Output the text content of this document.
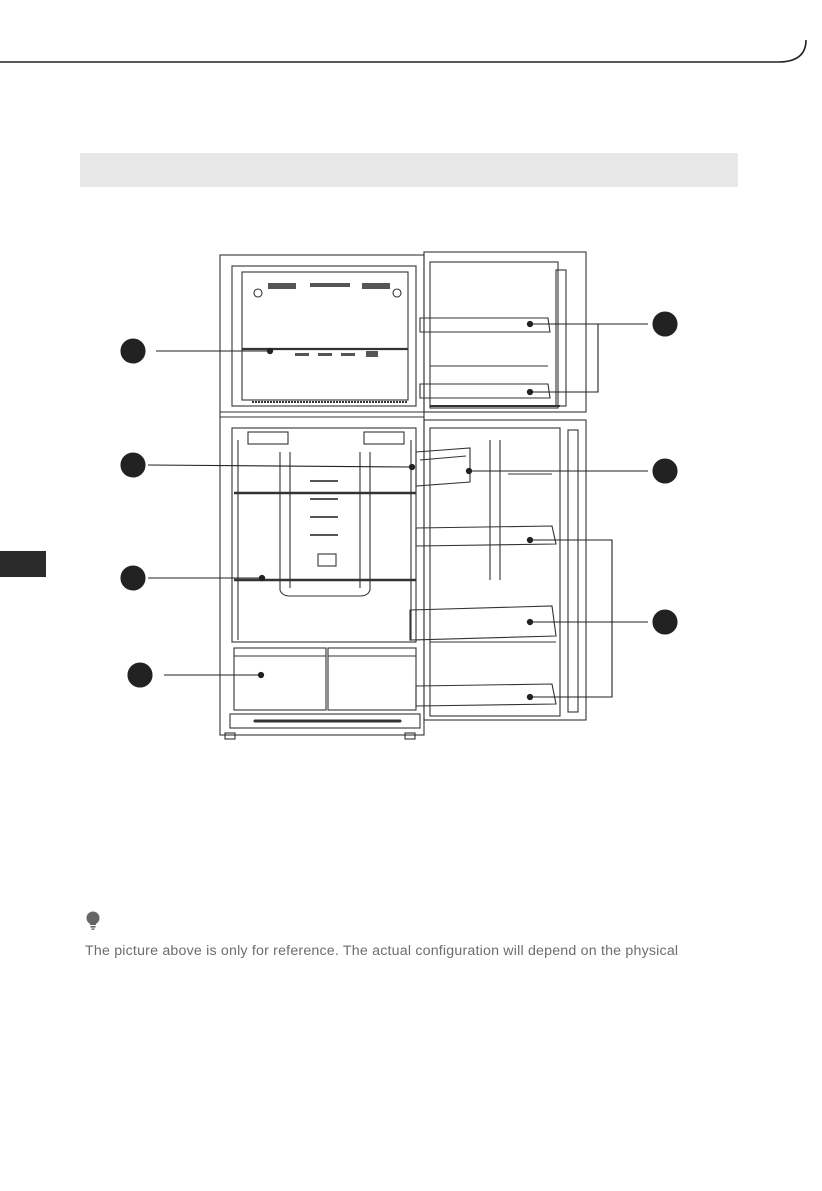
The picture above is only for reference. The actual configuration will depend on the physical
